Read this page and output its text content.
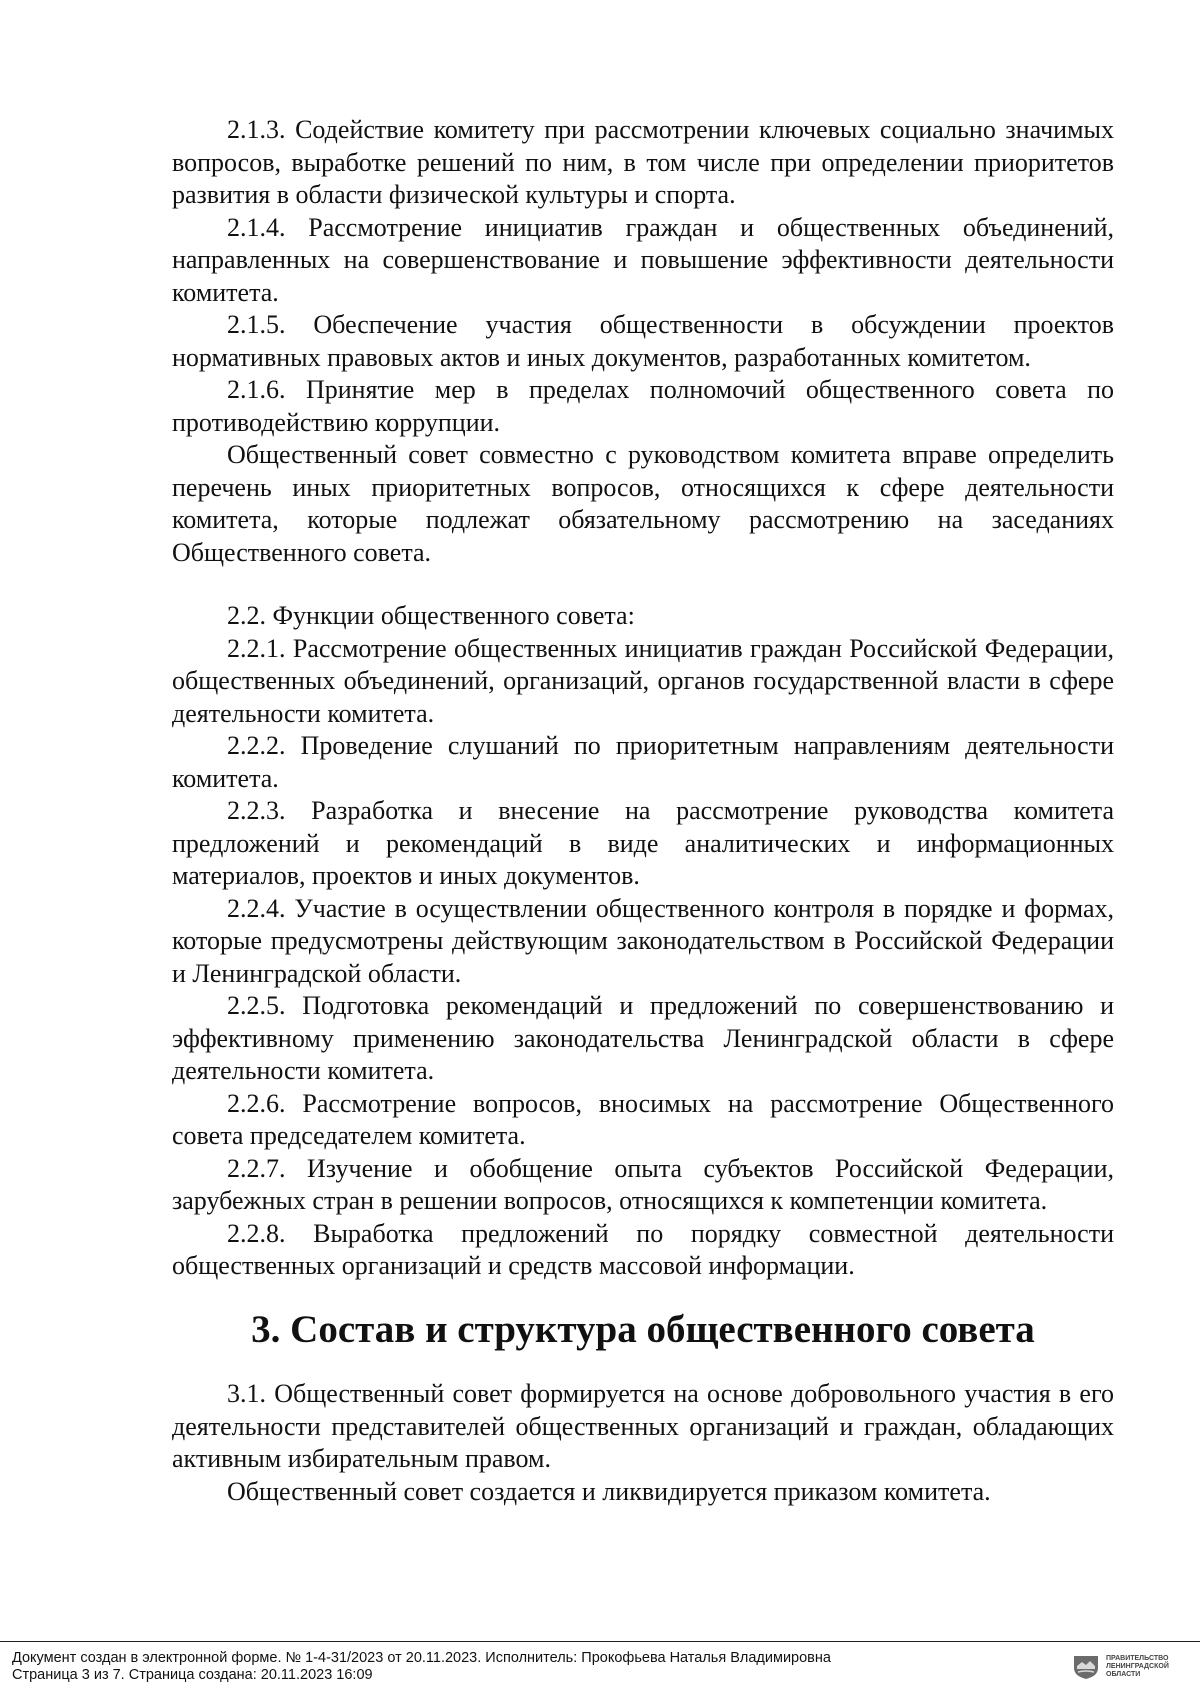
2.1.3. Содействие комитету при рассмотрении ключевых социально значимых вопросов, выработке решений по ним, в том числе при определении приоритетов развития в области физической культуры и спорта.

2.1.4. Рассмотрение инициатив граждан и общественных объединений, направленных на совершенствование и повышение эффективности деятельности комитета.

2.1.5. Обеспечение участия общественности в обсуждении проектов нормативных правовых актов и иных документов, разработанных комитетом.

2.1.6. Принятие мер в пределах полномочий общественного совета по противодействию коррупции.

Общественный совет совместно с руководством комитета вправе определить перечень иных приоритетных вопросов, относящихся к сфере деятельности комитета, которые подлежат обязательному рассмотрению на заседаниях Общественного совета.

2.2. Функции общественного совета:

2.2.1. Рассмотрение общественных инициатив граждан Российской Федерации, общественных объединений, организаций, органов государственной власти в сфере деятельности комитета.

2.2.2. Проведение слушаний по приоритетным направлениям деятельности комитета.

2.2.3. Разработка и внесение на рассмотрение руководства комитета предложений и рекомендаций в виде аналитических и информационных материалов, проектов и иных документов.

2.2.4. Участие в осуществлении общественного контроля в порядке и формах, которые предусмотрены действующим законодательством в Российской Федерации и Ленинградской области.

2.2.5. Подготовка рекомендаций и предложений по совершенствованию и эффективному применению законодательства Ленинградской области в сфере деятельности комитета.

2.2.6. Рассмотрение вопросов, вносимых на рассмотрение Общественного совета председателем комитета.

2.2.7. Изучение и обобщение опыта субъектов Российской Федерации, зарубежных стран в решении вопросов, относящихся к компетенции комитета.

2.2.8. Выработка предложений по порядку совместной деятельности общественных организаций и средств массовой информации.

3. Состав и структура общественного совета

3.1. Общественный совет формируется на основе добровольного участия в его деятельности представителей общественных организаций и граждан, обладающих активным избирательным правом.

Общественный совет создается и ликвидируется приказом комитета.

Документ создан в электронной форме. № 1-4-31/2023 от 20.11.2023. Исполнитель: Прокофьева Наталья Владимировна
Страница 3 из 7. Страница создана: 20.11.2023 16:09
ПРАВИТЕЛЬСТВО
ЛЕНИНГРАДСКОЙ
ОБЛАСТИ
